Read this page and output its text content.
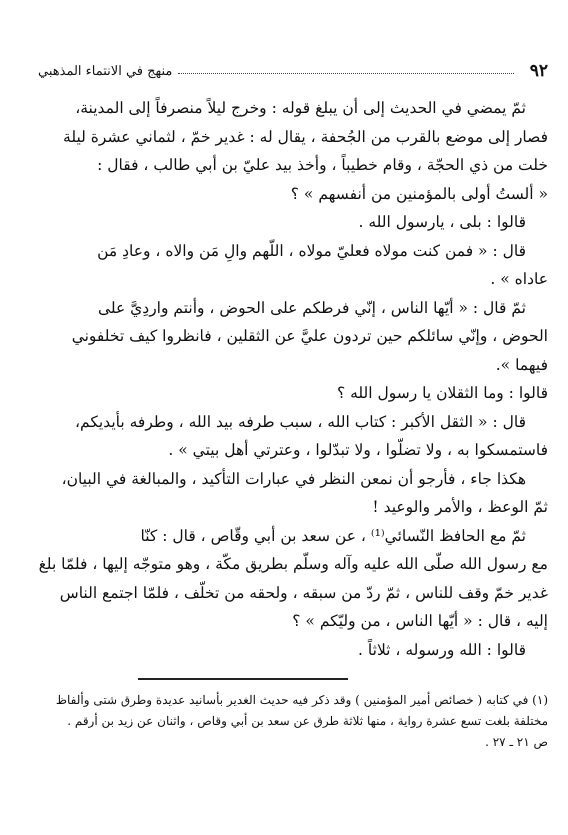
٩٢
منهج في الانتماء المذهبي

ثمّ يمضي في الحديث إلى أن يبلغ قوله : وخرج ليلاً منصرفاً إلى المدينة،

فصار إلى موضع بالقرب من الجُحفة ، يقال له : غدير خمّ ، لثماني عشرة ليلة

خلت من ذي الحجّة ، وقام خطيباً ، وأخذ بيد عليّ بن أبي طالب ، فقال :

« ألستُ أولى بالمؤمنين من أنفسهم » ؟

قالوا : بلى ، يارسول الله .

قال : « فمن كنت مولاه فعليّ مولاه ، اللّهم والِ مَن والاه ، وعادِ مَن

عاداه » .

ثمّ قال : « أيّها الناس ، إنّي فرطكم على الحوض ، وأنتم واردِيَّ على

الحوض ، وإنّي سائلكم حين تردون عليَّ عن الثقلين ، فانظروا كيف تخلفوني

فيهما ».

قالوا : وما الثقلان يا رسول الله ؟

قال : « الثقل الأكبر : كتاب الله ، سبب طرفه بيد الله ، وطرفه بأيديكم،

فاستمسكوا به ، ولا تضلّوا ، ولا تبدّلوا ، وعترتي أهل بيتي » .

هكذا جاء ، فأرجو أن نمعن النظر في عبارات التأكيد ، والمبالغة في البيان،

ثمّ الوعظ ، والأمر والوعيد !

ثمّ مع الحافظ النّسائي⁽¹⁾ ، عن سعد بن أبي وقّاص ، قال : كنّا

مع رسول الله صلّى الله عليه وآله وسلّم بطريق مكّة ، وهو متوجّه إليها ، فلمّا بلغ

غدير خمّ وقف للناس ، ثمّ ردّ من سبقه ، ولحقه من تخلّف ، فلمّا اجتمع الناس

إليه ، قال : « أيّها الناس ، من وليّكم » ؟

قالوا : الله ورسوله ، ثلاثاً .

(١) في كتابه ( خصائص أمير المؤمنين ) وقد ذكر فيه حديث الغدير بأسانيد عديدة وطرق شتى وألفاظ

مختلفة بلغت تسع عشرة رواية ، منها ثلاثة طرق عن سعد بن أبي وقاص ، واثنان عن زيد بن أرقم .

ص ٢١ ـ ٢٧ .
